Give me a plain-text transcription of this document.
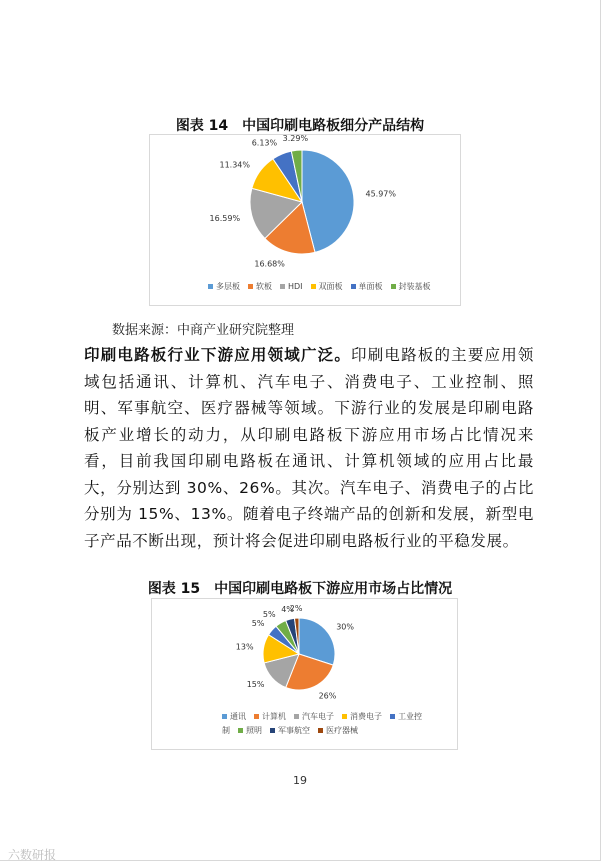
图表 14　中国印刷电路板细分产品结构
45.97%
16.68%
16.59%
11.34%
6.13%
3.29%
多层板 软板 HDI 双面板 单面板 封装基板
数据来源：中商产业研究院整理
印刷电路板行业下游应用领域广泛。印刷电路板的主要应用领域包括通讯、计算机、汽车电子、消费电子、工业控制、照明、军事航空、医疗器械等领域。下游行业的发展是印刷电路板产业增长的动力，从印刷电路板下游应用市场占比情况来看，目前我国印刷电路板在通讯、计算机领域的应用占比最大，分别达到 30%、26%。其次。汽车电子、消费电子的占比分别为 15%、13%。随着电子终端产品的创新和发展，新型电子产品不断出现，预计将会促进印刷电路板行业的平稳发展。
图表 15　中国印刷电路板下游应用市场占比情况
30%
26%
15%
13%
5%
5%
4%
2%
通讯 计算机 汽车电子 消费电子 工业控制 照明 军事航空 医疗器械
19
六数研报
